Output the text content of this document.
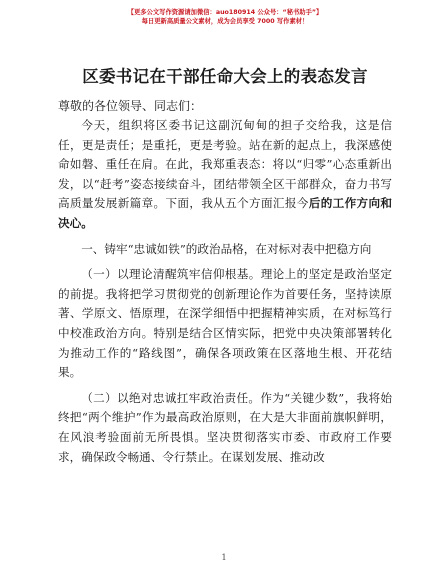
【更多公文写作资源请加微信：auo180914 公众号：“秘书助手”】
每日更新高质量公文素材，成为会员享受 7000 写作素材！
区委书记在干部任命大会上的表态发言
尊敬的各位领导、同志们：

今天，组织将区委书记这副沉甸甸的担子交给我，这是信任，更是责任；是重托，更是考验。站在新的起点上，我深感使命如磐、重任在肩。在此，我郑重表态：将以“归零”心态重新出发，以“赶考”姿态接续奋斗，团结带领全区干部群众，奋力书写高质量发展新篇章。下面，我从五个方面汇报今后的工作方向和决心。

一、铸牢“忠诚如铁”的政治品格，在对标对表中把稳方向

（一）以理论清醒筑牢信仰根基。理论上的坚定是政治坚定的前提。我将把学习贯彻党的创新理论作为首要任务，坚持读原著、学原文、悟原理，在深学细悟中把握精神实质，在对标笃行中校准政治方向。特别是结合区情实际，把党中央决策部署转化为推动工作的“路线图”，确保各项政策在区落地生根、开花结果。

（二）以绝对忠诚扛牢政治责任。作为“关键少数”，我将始终把“两个维护”作为最高政治原则，在大是大非面前旗帜鲜明，在风浪考验面前无所畏惧。坚决贯彻落实市委、市政府工作要求，确保政令畅通、令行禁止。在谋划发展、推动改

1
